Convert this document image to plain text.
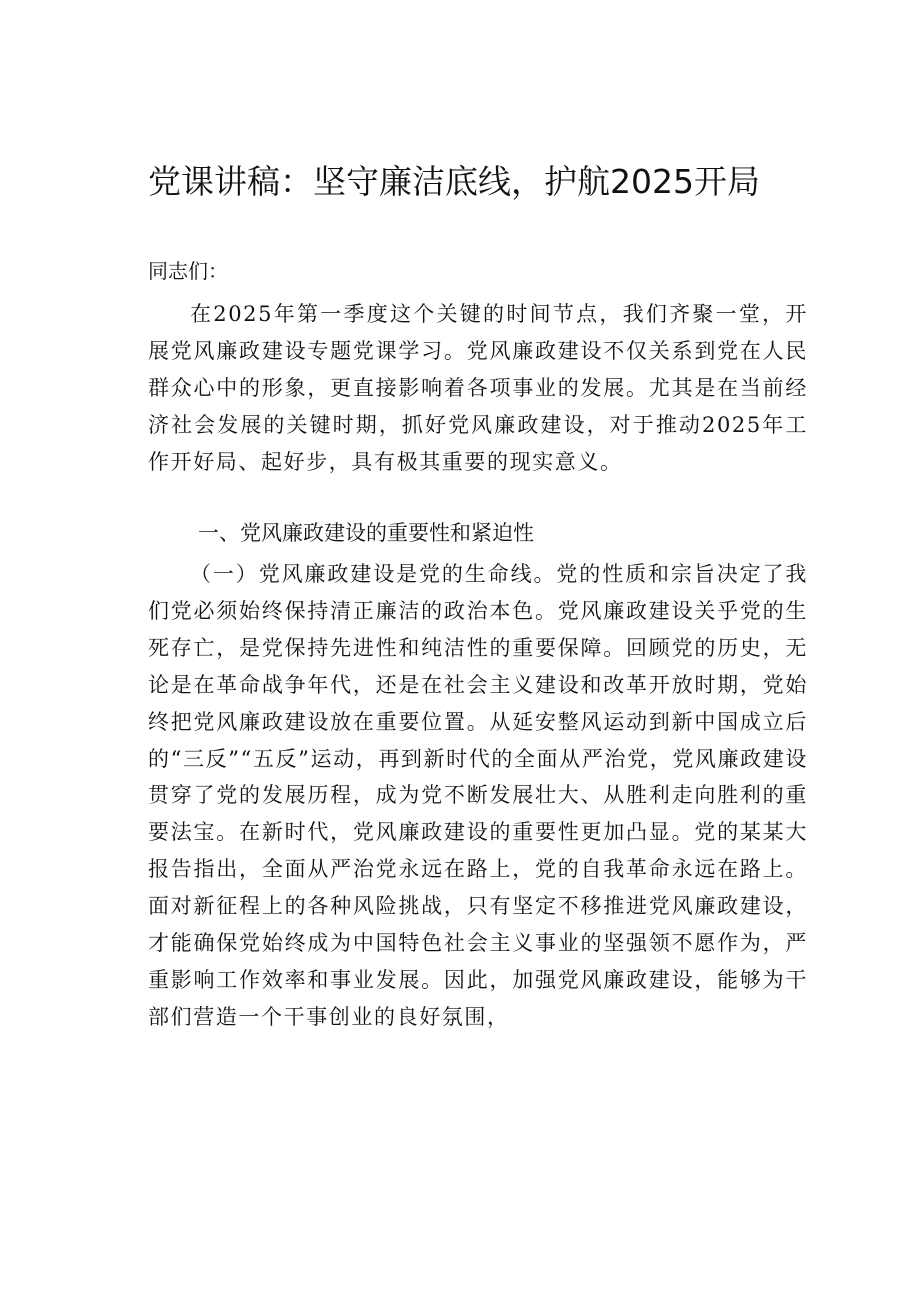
党课讲稿：坚守廉洁底线，护航2025开局

同志们：

在2025年第一季度这个关键的时间节点，我们齐聚一堂，开展党风廉政建设专题党课学习。党风廉政建设不仅关系到党在人民群众心中的形象，更直接影响着各项事业的发展。尤其是在当前经济社会发展的关键时期，抓好党风廉政建设，对于推动2025年工作开好局、起好步，具有极其重要的现实意义。

一、党风廉政建设的重要性和紧迫性

（一）党风廉政建设是党的生命线。党的性质和宗旨决定了我们党必须始终保持清正廉洁的政治本色。党风廉政建设关乎党的生死存亡，是党保持先进性和纯洁性的重要保障。回顾党的历史，无论是在革命战争年代，还是在社会主义建设和改革开放时期，党始终把党风廉政建设放在重要位置。从延安整风运动到新中国成立后的“三反”“五反”运动，再到新时代的全面从严治党，党风廉政建设贯穿了党的发展历程，成为党不断发展壮大、从胜利走向胜利的重要法宝。在新时代，党风廉政建设的重要性更加凸显。党的某某大报告指出，全面从严治党永远在路上，党的自我革命永远在路上。面对新征程上的各种风险挑战，只有坚定不移推进党风廉政建设，才能确保党始终成为中国特色社会主义事业的坚强领不愿作为，严重影响工作效率和事业发展。因此，加强党风廉政建设，能够为干部们营造一个干事创业的良好氛围，
